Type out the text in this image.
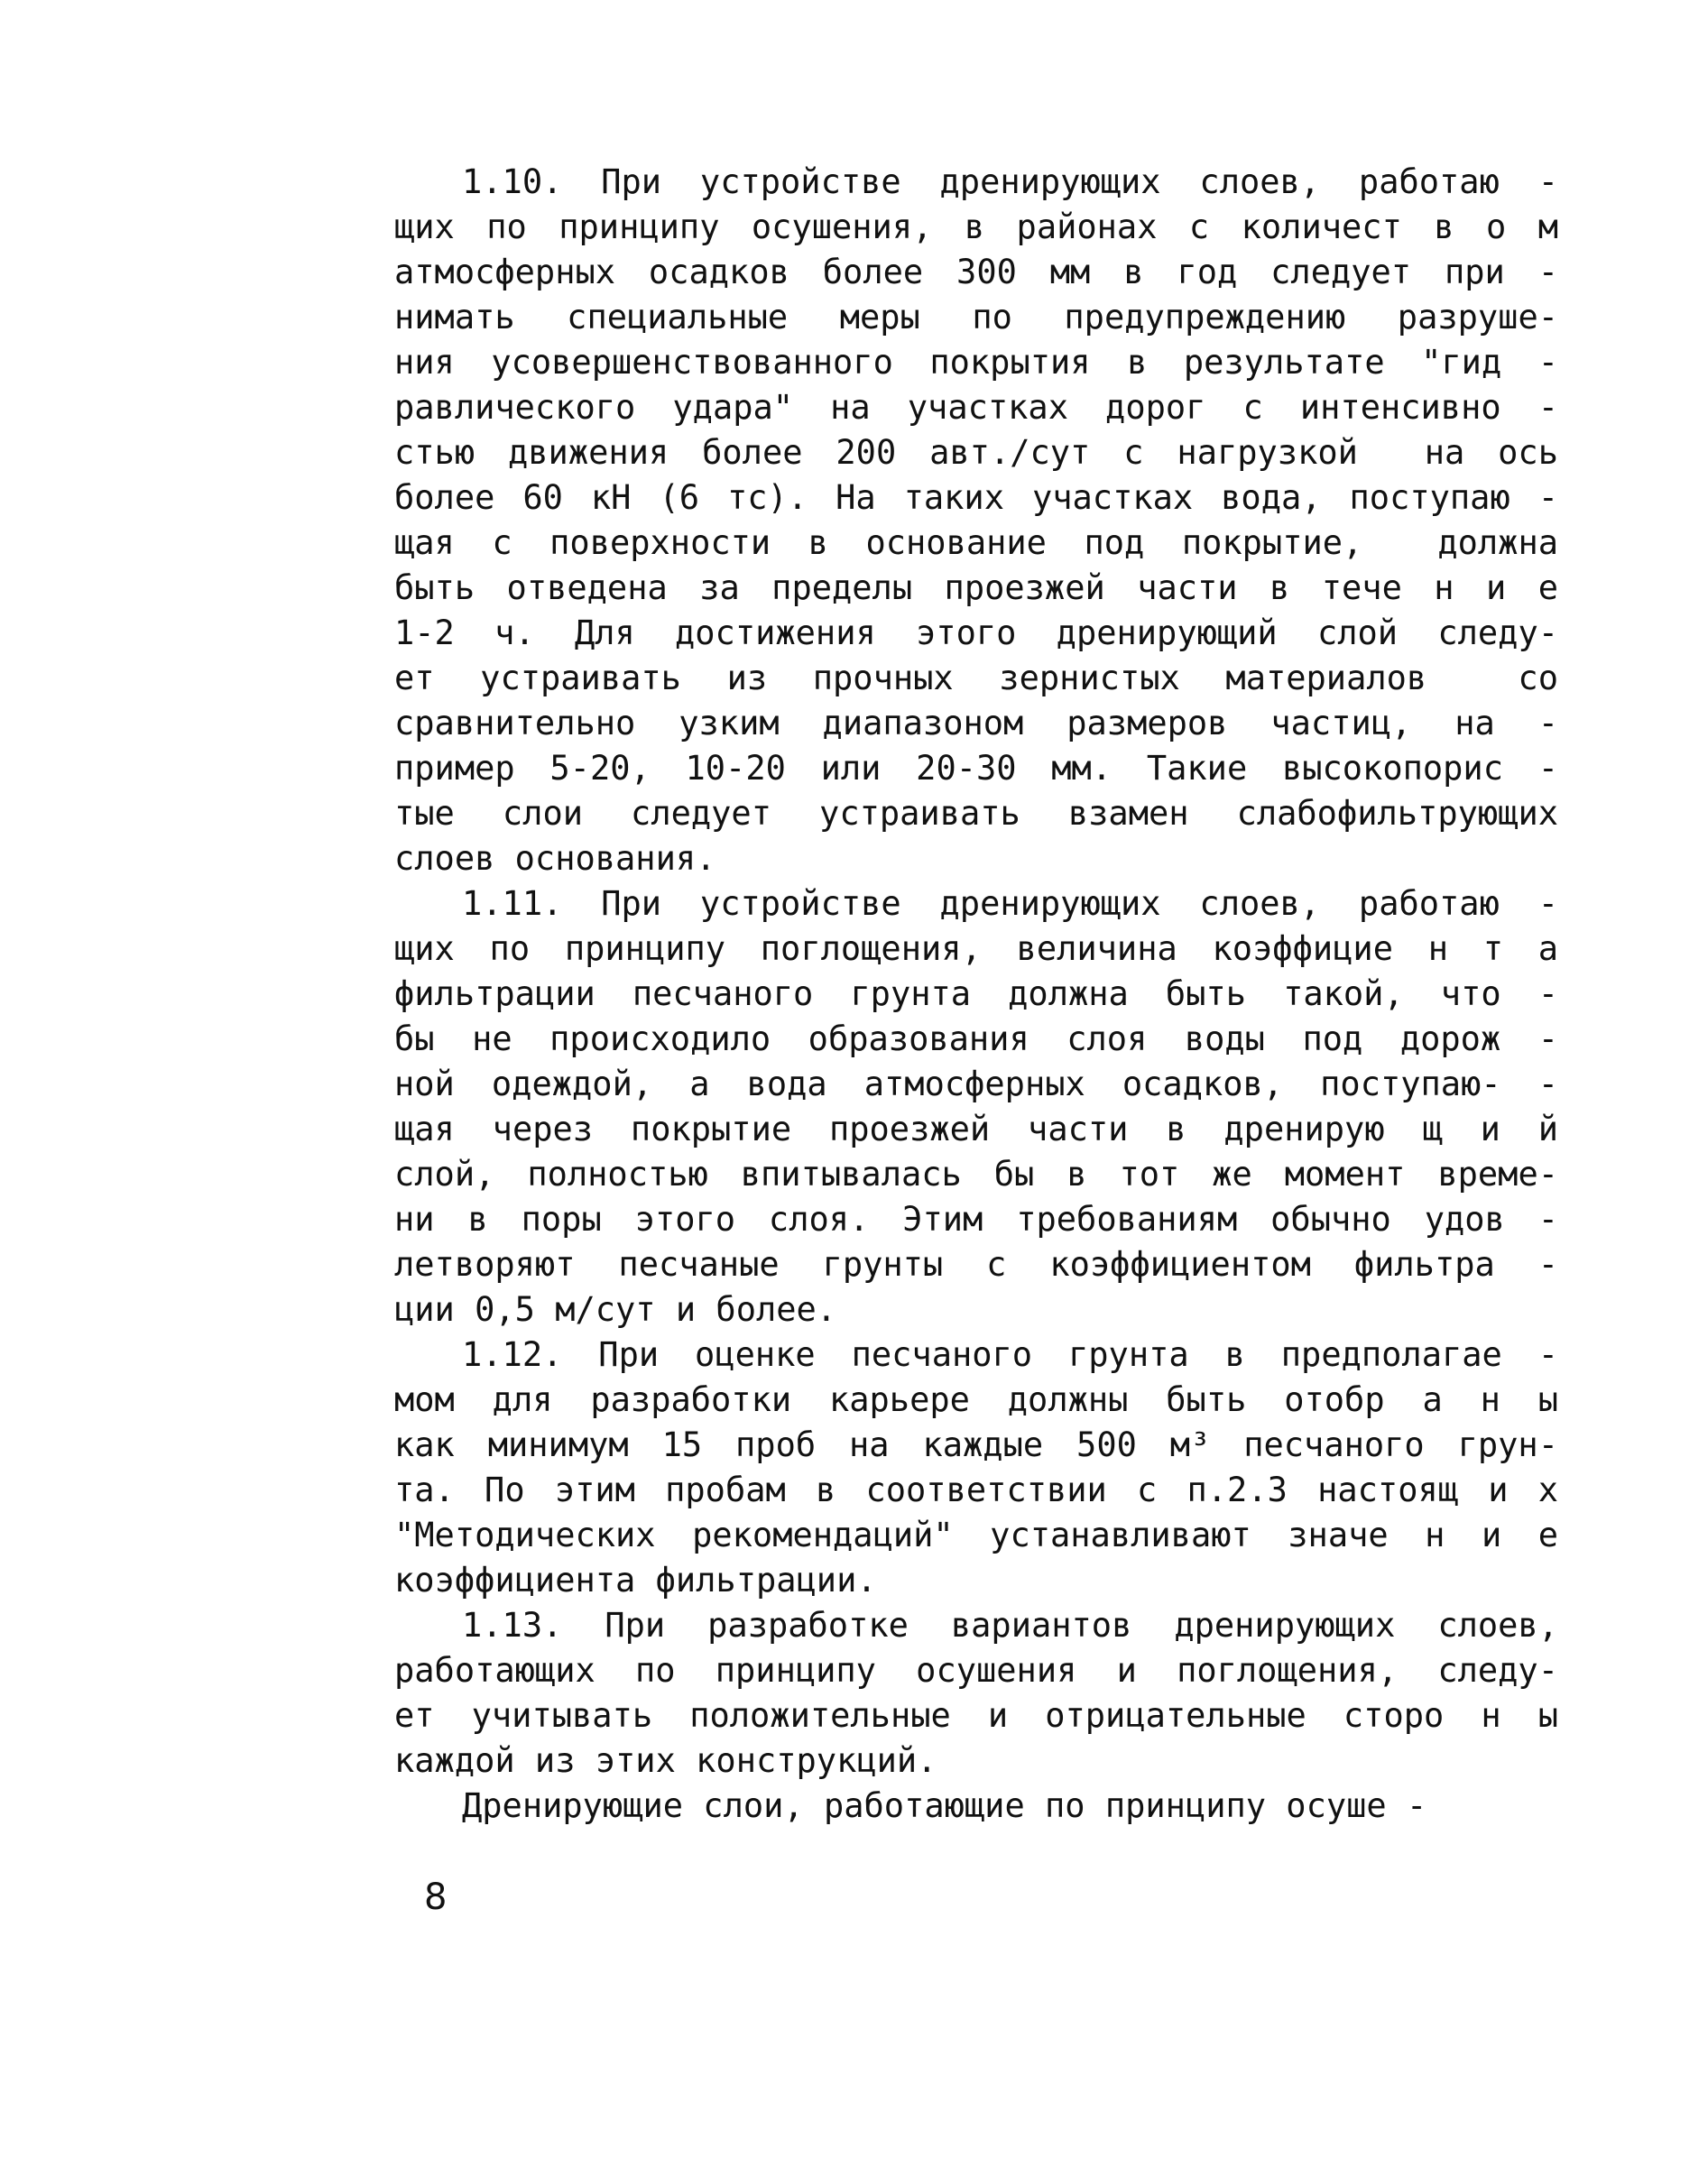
1.10. При устройстве дренирующих слоев, работаю -
щих по принципу осушения, в районах с количест в о м
атмосферных осадков более 300 мм в год следует при -
нимать специальные меры по предупреждению разруше-
ния усовершенствованного покрытия в результате "гид -
равлического удара" на участках дорог с интенсивно -
стью движения более 200 авт./сут с нагрузкой  на ось
более 60 кН (6 тс). На таких участках вода, поступаю -
щая с поверхности в основание под покрытие,  должна
быть отведена за пределы проезжей части в тече н и е
1-2 ч. Для достижения этого дренирующий слой следу-
ет устраивать из прочных зернистых материалов  со
сравнительно узким диапазоном размеров частиц, на -
пример 5-20, 10-20 или 20-30 мм. Такие высокопорис -
тые слои следует устраивать взамен слабофильтрующих
слоев основания.
1.11. При устройстве дренирующих слоев, работаю -
щих по принципу поглощения, величина коэффицие н т а
фильтрации песчаного грунта должна быть такой, что -
бы не происходило образования слоя воды под дорож -
ной одеждой, а вода атмосферных осадков, поступаю- -
щая через покрытие проезжей части в дренирую щ и й
слой, полностью впитывалась бы в тот же момент време-
ни в поры этого слоя. Этим требованиям обычно удов -
летворяют песчаные грунты с коэффициентом фильтра -
ции 0,5 м/сут и более.
1.12. При оценке песчаного грунта в предполагае -
мом для разработки карьере должны быть отобр а н ы
как минимум 15 проб на каждые 500 м³ песчаного грун-
та. По этим пробам в соответствии с п.2.3 настоящ и х
"Методических рекомендаций" устанавливают значе н и е
коэффициента фильтрации.
1.13. При разработке вариантов дренирующих слоев,
работающих по принципу осушения и поглощения, следу-
ет учитывать положительные и отрицательные сторо н ы
каждой из этих конструкций.
Дренирующие слои, работающие по принципу осуше -
8
